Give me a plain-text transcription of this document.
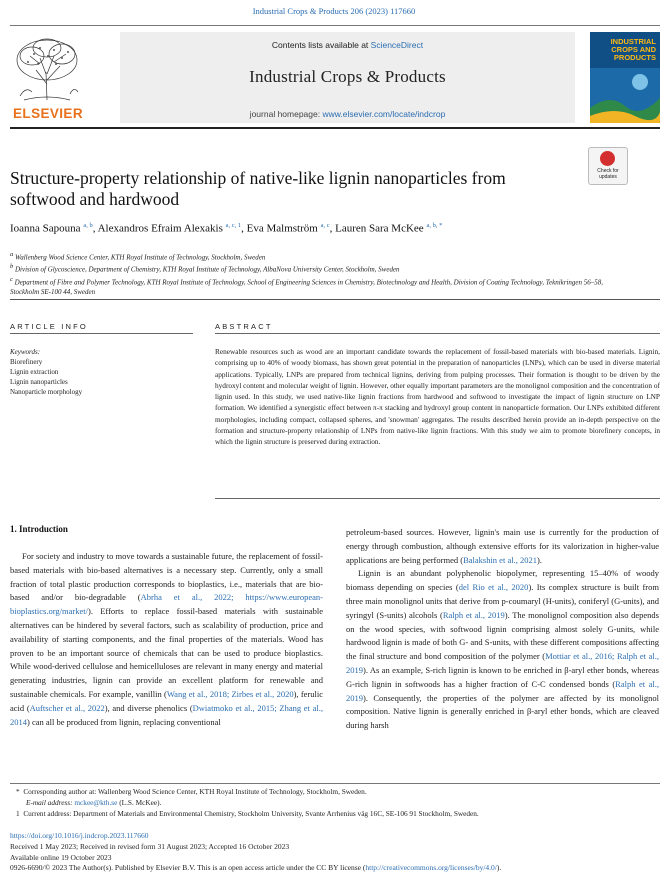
Industrial Crops & Products 206 (2023) 117660
ELSEVIER
Contents lists available at ScienceDirect
Industrial Crops & Products
journal homepage: www.elsevier.com/locate/indcrop
INDUSTRIAL CROPS AND PRODUCTS
Check for updates
Structure-property relationship of native-like lignin nanoparticles from softwood and hardwood
Ioanna Sapouna $^{a, b}$, Alexandros Efraim Alexakis $^{a, c, 1}$, Eva Malmström $^{a, c}$, Lauren Sara McKee $^{a, b, *}$
$^a$ Wallenberg Wood Science Center, KTH Royal Institute of Technology, Stockholm, Sweden
$^b$ Division of Glycoscience, Department of Chemistry, KTH Royal Institute of Technology, AlbaNova University Center, Stockholm, Sweden
$^c$ Department of Fibre and Polymer Technology, KTH Royal Institute of Technology, School of Engineering Sciences in Chemistry, Biotechnology and Health, Division of Coating Technology, Teknikringen 56–58, Stockholm SE-100 44, Sweden
ARTICLE INFO	ABSTRACT
Keywords:
Biorefinery
Lignin extraction
Lignin nanoparticles
Nanoparticle morphology
Renewable resources such as wood are an important candidate towards the replacement of fossil-based materials with bio-based materials. Lignin, comprising up to 40% of woody biomass, has shown great potential in the preparation of nanoparticles (LNPs), which can be used in diverse material applications. Typically, LNPs are prepared from technical lignins, deriving from pulping processes. Their formation is thought to be driven by the hydroxyl content and molecular weight of lignin. However, other equally important parameters are the monolignol composition and the concentration of lignin used. In this study, we used native-like lignin fractions from hardwood and softwood to investigate the impact of lignin structure on LNP formation. We identified a synergistic effect between π-π stacking and hydroxyl group content in nanoparticle formation. Our LNPs exhibited different morphologies, including compact, collapsed spheres, and 'snowman' aggregates. The results described herein provide an in-depth perspective on the formation and structure-property relationship of LNPs from native-like lignin fractions. With this study we aim to promote biorefinery concepts, in which the lignin structure is preserved during extraction.
1. Introduction

For society and industry to move towards a sustainable future, the replacement of fossil-based materials with bio-based alternatives is a necessary step. Currently, only a small fraction of total plastic production corresponds to bioplastics, i.e., materials that are bio-based and/or bio-degradable (Abrha et al., 2022; https://www.european-bioplastics.org/market/). Efforts to replace fossil-based materials with sustainable alternatives can be hindered by several factors, such as scalability of production, price and availability of starting components, and the final properties of the materials. Wood has proven to be an important source of chemicals that can be used to produce bioplastics. While wood-derived cellulose and hemicelluloses are relevant in many energy and material generating industries, lignin can provide an excellent platform for renewable and sustainable chemicals. For example, vanillin (Wang et al., 2018; Zirbes et al., 2020), ferulic acid (Auftscher et al., 2022), and diverse phenolics (Dwiatmoko et al., 2015; Zhang et al., 2014) can all be produced from lignin, replacing conventional

petroleum-based sources. However, lignin's main use is currently for the production of energy through combustion, although extensive efforts for its valorization in higher-value applications are being performed (Balakshin et al., 2021).

Lignin is an abundant polyphenolic biopolymer, representing 15–40% of woody biomass depending on species (del Rio et al., 2020). Its complex structure is built from three main monolignol units that derive from p-coumaryl (H-units), coniferyl (G-units), and syringyl (S-units) alcohols (Ralph et al., 2019). The monolignol composition also depends on the wood species, with softwood lignin comprising almost solely G-units, while hardwood lignin is made of both G- and S-units, with these different compositions affecting the final structure and bond composition of the polymer (Mottiar et al., 2016; Ralph et al., 2019). As an example, S-rich lignin is known to be enriched in β-aryl ether bonds, whereas G-rich lignin in softwoods has a higher fraction of C-C condensed bonds (Ralph et al., 2019). Consequently, the properties of the polymer are affected by its monolignol composition. Native lignin is generally enriched in β-aryl ether bonds, which are cleaved during harsh

* Corresponding author at: Wallenberg Wood Science Center, KTH Royal Institute of Technology, Stockholm, Sweden.
E-mail address: mckee@kth.se (L.S. McKee).
1 Current address: Department of Materials and Environmental Chemistry, Stockholm University, Svante Arrhenius väg 16C, SE-106 91 Stockholm, Sweden.
https://doi.org/10.1016/j.indcrop.2023.117660
Received 1 May 2023; Received in revised form 31 August 2023; Accepted 16 October 2023
Available online 19 October 2023
0926-6690/© 2023 The Author(s). Published by Elsevier B.V. This is an open access article under the CC BY license (http://creativecommons.org/licenses/by/4.0/).
